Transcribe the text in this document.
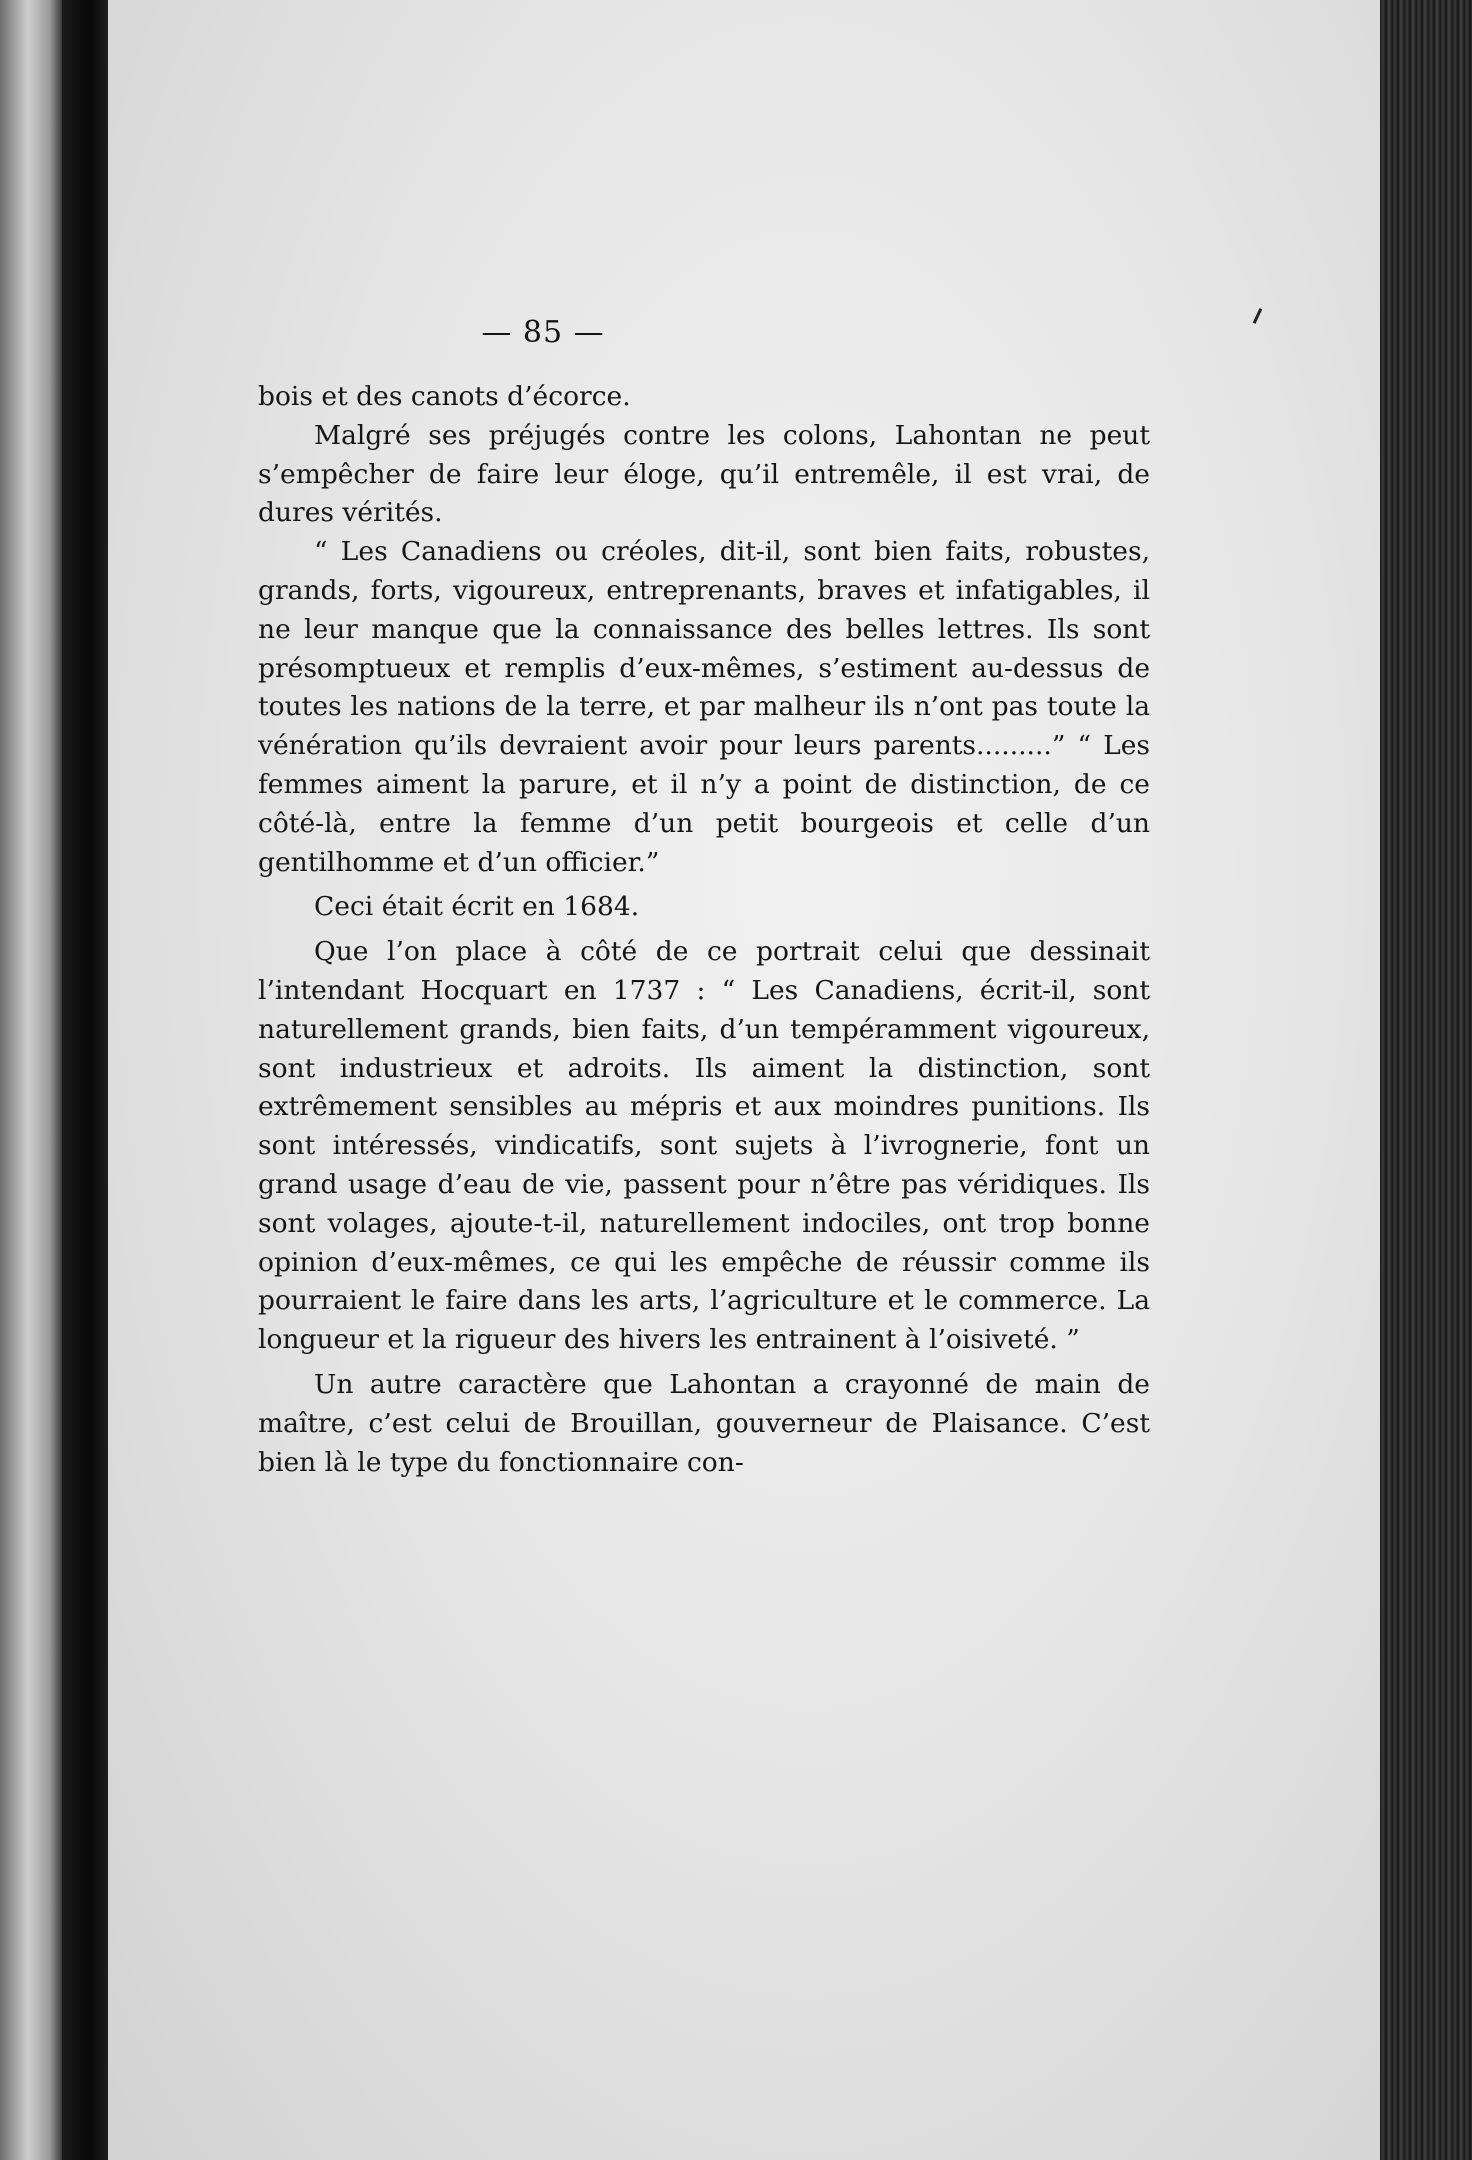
— 85 —

bois et des canots d’écorce.

Malgré ses préjugés contre les colons, Lahontan ne peut s’empêcher de faire leur éloge, qu’il entremêle, il est vrai, de dures vérités.

“ Les Canadiens ou créoles, dit-il, sont bien faits, robustes, grands, forts, vigoureux, entreprenants, braves et infatigables, il ne leur manque que la connaissance des belles lettres. Ils sont présomptueux et remplis d’eux-mêmes, s’estiment au-dessus de toutes les nations de la terre, et par malheur ils n’ont pas toute la vénération qu’ils devraient avoir pour leurs parents.........” “ Les femmes aiment la parure, et il n’y a point de distinction, de ce côté-là, entre la femme d’un petit bourgeois et celle d’un gentilhomme et d’un officier.”

Ceci était écrit en 1684.

Que l’on place à côté de ce portrait celui que dessinait l’intendant Hocquart en 1737 : “ Les Canadiens, écrit-il, sont naturellement grands, bien faits, d’un tempéramment vigoureux, sont industrieux et adroits. Ils aiment la distinction, sont extrêmement sensibles au mépris et aux moindres punitions. Ils sont intéressés, vindicatifs, sont sujets à l’ivrognerie, font un grand usage d’eau de vie, passent pour n’être pas véridiques. Ils sont volages, ajoute-t-il, naturellement indociles, ont trop bonne opinion d’eux-mêmes, ce qui les empêche de réussir comme ils pourraient le faire dans les arts, l’agriculture et le commerce. La longueur et la rigueur des hivers les entrainent à l’oisiveté. ”

Un autre caractère que Lahontan a crayonné de main de maître, c’est celui de Brouillan, gouverneur de Plaisance. C’est bien là le type du fonctionnaire con-
